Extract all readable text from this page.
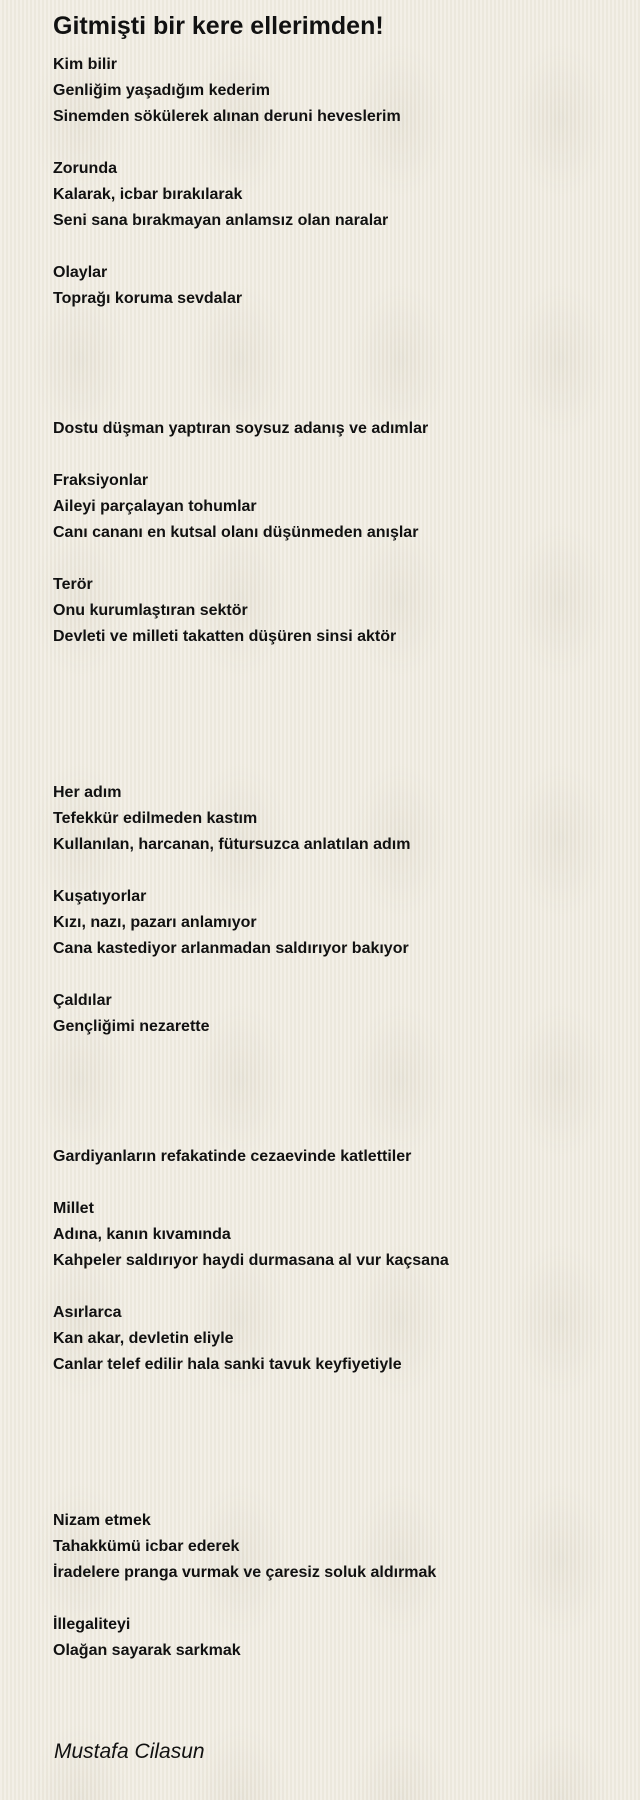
Gitmişti bir kere ellerimden!
Kim bilir
Genliğim yaşadığım kederim
Sinemden sökülerek alınan deruni heveslerim
Zorunda
Kalarak, icbar bırakılarak
Seni sana bırakmayan anlamsız olan naralar
Olaylar
Toprağı koruma sevdalar
Dostu düşman yaptıran soysuz adanış ve adımlar
Fraksiyonlar
Aileyi parçalayan tohumlar
Canı cananı en kutsal olanı düşünmeden anışlar
Terör
Onu kurumlaştıran sektör
Devleti ve milleti takatten düşüren sinsi aktör
Her adım
Tefekkür edilmeden kastım
Kullanılan, harcanan, fütursuzca anlatılan adım
Kuşatıyorlar
Kızı, nazı, pazarı anlamıyor
Cana kastediyor arlanmadan saldırıyor bakıyor
Çaldılar
Gençliğimi nezarette
Gardiyanların refakatinde cezaevinde katlettiler
Millet
Adına, kanın kıvamında
Kahpeler saldırıyor haydi durmasana al vur kaçsana
Asırlarca
Kan akar, devletin eliyle
Canlar telef edilir hala sanki tavuk keyfiyetiyle
Nizam etmek
Tahakkümü icbar ederek
İradelere pranga vurmak ve çaresiz soluk aldırmak
İllegaliteyi
Olağan sayarak sarkmak
Mustafa Cilasun
